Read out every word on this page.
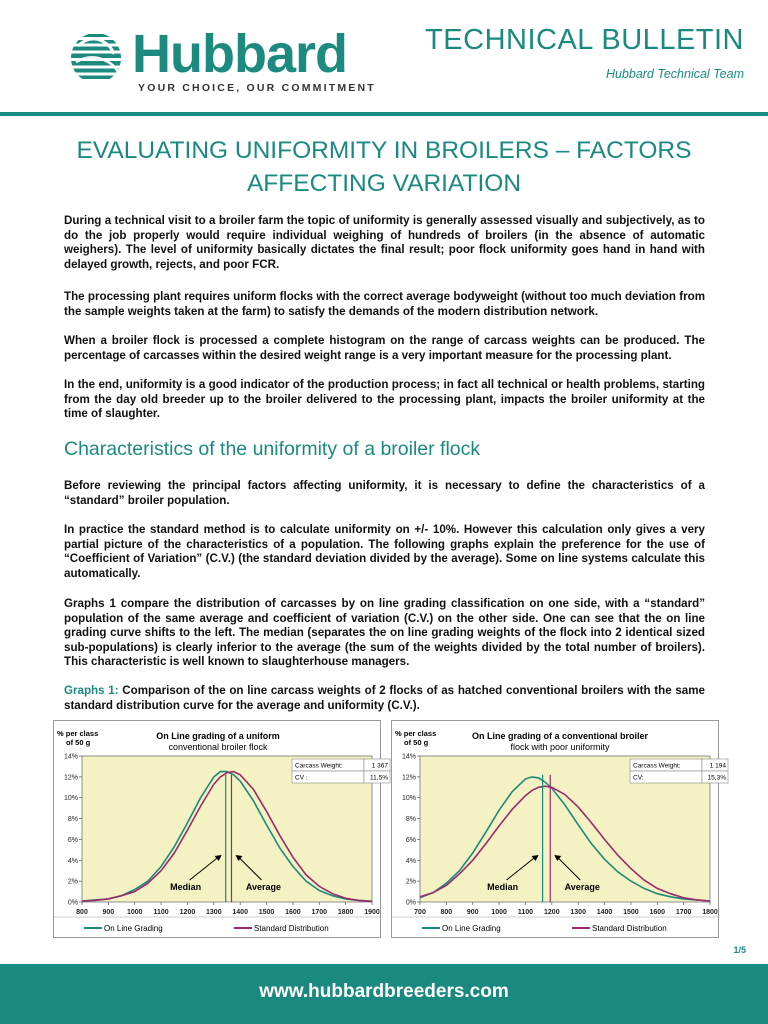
Hubbard
YOUR CHOICE, OUR COMMITMENT
TECHNICAL BULLETIN
Hubbard Technical Team
EVALUATING UNIFORMITY IN BROILERS – FACTORS
AFFECTING VARIATION
During a technical visit to a broiler farm the topic of uniformity is generally assessed visually and subjectively, as to do the job properly would require individual weighing of hundreds of broilers (in the absence of automatic weighers). The level of uniformity basically dictates the final result; poor flock uniformity goes hand in hand with delayed growth, rejects, and poor FCR.
The processing plant requires uniform flocks with the correct average bodyweight (without too much deviation from the sample weights taken at the farm) to satisfy the demands of the modern distribution network.
When a broiler flock is processed a complete histogram on the range of carcass weights can be produced. The percentage of carcasses within the desired weight range is a very important measure for the processing plant.
In the end, uniformity is a good indicator of the production process; in fact all technical or health problems, starting from the day old breeder up to the broiler delivered to the processing plant, impacts the broiler uniformity at the time of slaughter.
Characteristics of the uniformity of a broiler flock
Before reviewing the principal factors affecting uniformity, it is necessary to define the characteristics of a “standard” broiler population.
In practice the standard method is to calculate uniformity on +/- 10%. However this calculation only gives a very partial picture of the characteristics of a population. The following graphs explain the preference for the use of “Coefficient of Variation” (C.V.) (the standard deviation divided by the average). Some on line systems calculate this automatically.
Graphs 1 compare the distribution of carcasses by on line grading classification on one side, with a “standard” population of the same average and coefficient of variation (C.V.) on the other side. One can see that the on line grading curve shifts to the left. The median (separates the on line grading weights of the flock into 2 identical sized sub-populations) is clearly inferior to the average (the sum of the weights divided by the total number of broilers). This characteristic is well known to slaughterhouse managers.
Graphs 1: Comparison of the on line carcass weights of 2 flocks of as hatched conventional broilers with the same standard distribution curve for the average and uniformity (C.V.).
% per class
of 50 g
On Line grading of a uniform
conventional broiler flock
0%
2%
4%
6%
8%
10%
12%
14%
800 900 1000 1100 1200 1300 1400 1500 1600 1700 1800 1900
Median	Average
Carcass Weight:	1 367
CV :	11,5%
On Line Grading	Standard Distribution
% per class
of 50 g
On Line grading of a conventional broiler
flock with poor uniformity
0%
2%
4%
6%
8%
10%
12%
14%
700 800 900 1000 1100 1200 1300 1400 1500 1600 1700 1800
Median	Average
Carcass Weight:	1 194
CV:	15,3%
On Line Grading	Standard Distribution
1/5
www.hubbardbreeders.com
